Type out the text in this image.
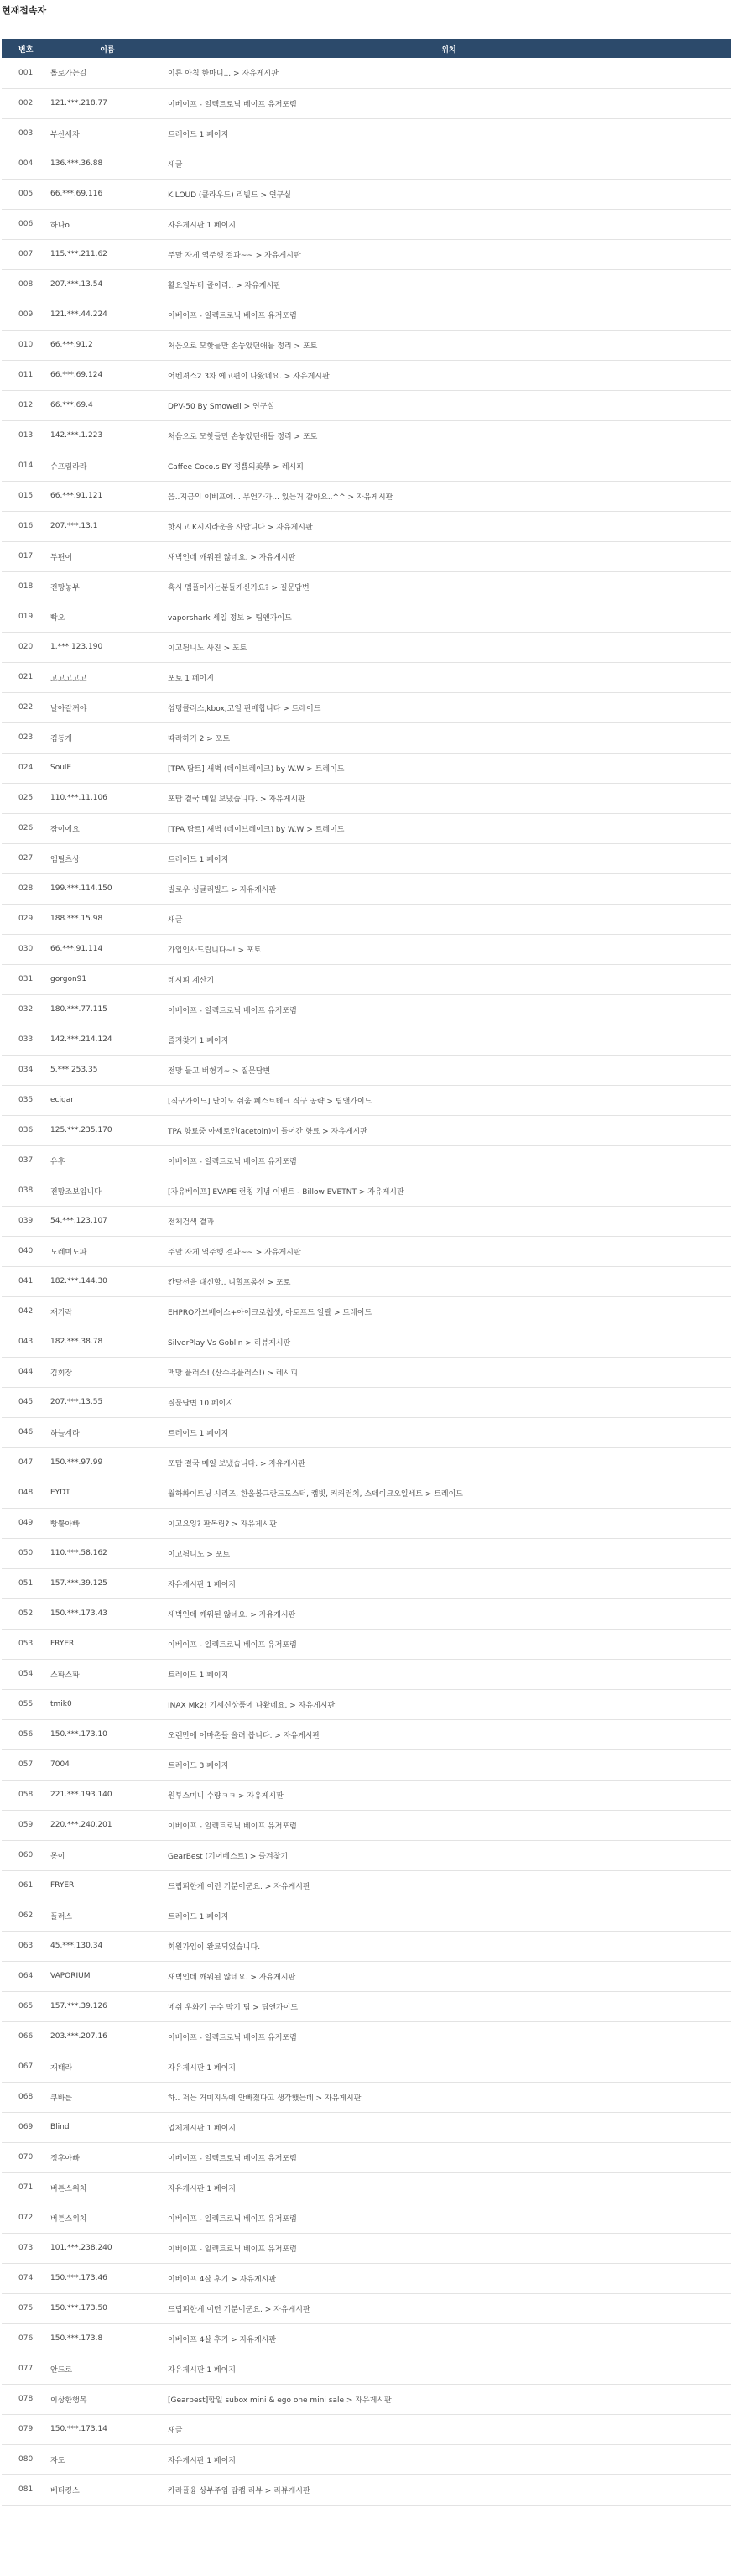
현재접속자
번호	이름	위치
001	롤로가는길	이른 아침 한마디... > 자유게시판
002	121.***.218.77	이베이프 - 일렉트로닉 베이프 유저포럼
003	부산세자	트레이드 1 페이지
004	136.***.36.88	새글
005	66.***.69.116	K.LOUD (클라우드) 리빌드 > 연구실
006	하나o	자유게시판 1 페이지
007	115.***.211.62	주말 자게 역주행 결과~~ > 자유게시판
008	207.***.13.54	활요일부터 골이리.. > 자유게시판
009	121.***.44.224	이베이프 - 일렉트로닉 베이프 유저포럼
010	66.***.91.2	처음으로 모핫들만 손놓았던애들 정리 > 포토
011	66.***.69.124	어벤져스2 3차 예고편이 나왔네요. > 자유게시판
012	66.***.69.4	DPV-50 By Smowell > 연구실
013	142.***.1.223	처음으로 모핫들만 손놓았던애들 정리 > 포토
014	슈프림라라	Caffee Coco.s BY 정쁨의美學 > 레시피
015	66.***.91.121	음..지금의 이베프에... 무언가가... 있는거 같아요..^^ > 자유게시판
016	207.***.13.1	핫시고 K시지라운을 사랍니다 > 자유게시판
017	두편이	새벽인데 깨워된 않네요. > 자유게시판
018	전망놓부	혹시 멤플이시는분들게신가요? > 질문답변
019	빡오	vaporshark 세일 정보 > 팁앤가이드
020	1.***.123.190	이고됨니노 사진 > 포토
021	고고고고고	포토 1 페이지
022	날아갈꺼야	섭텅클러스,kbox,코일 판매합니다 > 트레이드
023	김동개	따라하기 2 > 포토
024	SoulE	[TPA 탐트] 새벽 (데이브레이크) by W.W > 트레이드
025	110.***.11.106	포탑 결국 메일 보냈습니다. > 자유게시판
026	잠이에요	[TPA 탐트] 새벽 (데이브레이크) by W.W > 트레이드
027	엠틸츠상	트레이드 1 페이지
028	199.***.114.150	빌로우 싱글리빌드 > 자유게시판
029	188.***.15.98	새글
030	66.***.91.114	가입인사드립니다~! > 포토
031	gorgon91	레시피 계산기
032	180.***.77.115	이베이프 - 일렉트로닉 베이프 유저포럼
033	142.***.214.124	즐겨찾기 1 페이지
034	5.***.253.35	전망 들고 버형기~ > 질문답변
035	ecigar	[직구가이드] 난이도 쉬움 페스트테크 직구 공략 > 팁앤가이드
036	125.***.235.170	TPA 향료중 아세토인(acetoin)이 들어간 향료 > 자유게시판
037	유후	이베이프 - 일렉트로닉 베이프 유저포럼
038	전망조보입니다	[자유베이프] EVAPE 런칭 기념 이벤트 - Billow EVETNT > 자유게시판
039	54.***.123.107	전체검색 결과
040	도레미도파	주말 자게 역주행 결과~~ > 자유게시판
041	182.***.144.30	칸탈선을 대신할.. 니힐프롬선 > 포토
042	재기락	EHPRO카브베이스+아이크로첩셋, 아토프드 일괄 > 트레이드
043	182.***.38.78	SilverPlay Vs Goblin > 리뷰게시판
044	김회장	맥망 플러스! (산수유플러스!) > 레시피
045	207.***.13.55	질문답변 10 페이지
046	하늘계라	트레이드 1 페이지
047	150.***.97.99	포탑 결국 메일 보냈습니다. > 자유게시판
048	EYDT	월하화이트닝 시리즈, 한울볼그란드도스터, 캡빗, 커커런치, 스테이크오일세트 > 트레이드
049	빵뿔아빠	이고요잉? 판독링? > 자유게시판
050	110.***.58.162	이고됨니노 > 포토
051	157.***.39.125	자유게시판 1 페이지
052	150.***.173.43	새벽인데 깨워된 않네요. > 자유게시판
053	FRYER	이베이프 - 일렉트로닉 베이프 유저포럼
054	스파스파	트레이드 1 페이지
055	tmik0	INAX Mk2! 기세신상품에 나왔네요. > 자유게시판
056	150.***.173.10	오랜만에 어마촌들 올려 봅니다. > 자유게시판
057	7004	트레이드 3 페이지
058	221.***.193.140	원투스미니 수량ㅋㅋ > 자유게시판
059	220.***.240.201	이베이프 - 일렉트로닉 베이프 유저포럼
060	몽이	GearBest (기어베스트) > 즐겨찾기
061	FRYER	드립피한게 이런 기분이군요. > 자유게시판
062	플러스	트레이드 1 페이지
063	45.***.130.34	회원가입이 완료되었습니다.
064	VAPORIUM	새벽인데 깨워된 않네요. > 자유게시판
065	157.***.39.126	메쉬 우화기 누수 막기 팁 > 팁앤가이드
066	203.***.207.16	이베이프 - 일렉트로닉 베이프 유저포럼
067	재태라	자유게시판 1 페이지
068	쿠바를	하.. 저는 거미지옥에 안빠졌다고 생각했는데 > 자유게시판
069	Blind	업체게시판 1 페이지
070	정후아빠	이베이프 - 일렉트로닉 베이프 유저포럼
071	버튼스위치	자유게시판 1 페이지
072	버튼스위치	이베이프 - 일렉트로닉 베이프 유저포럼
073	101.***.238.240	이베이프 - 일렉트로닉 베이프 유저포럼
074	150.***.173.46	이베이프 4살 후기 > 자유게시판
075	150.***.173.50	드립피한게 이런 기분이군요. > 자유게시판
076	150.***.173.8	이베이프 4살 후기 > 자유게시판
077	안드로	자유게시판 1 페이지
078	이상한행복	[Gearbest]합일 subox mini & ego one mini sale > 자유게시판
079	150.***.173.14	새글
080	자도	자유게시판 1 페이지
081	베티킹스	카라플융 상부주입 탑캡 리뷰 > 리뷰게시판
